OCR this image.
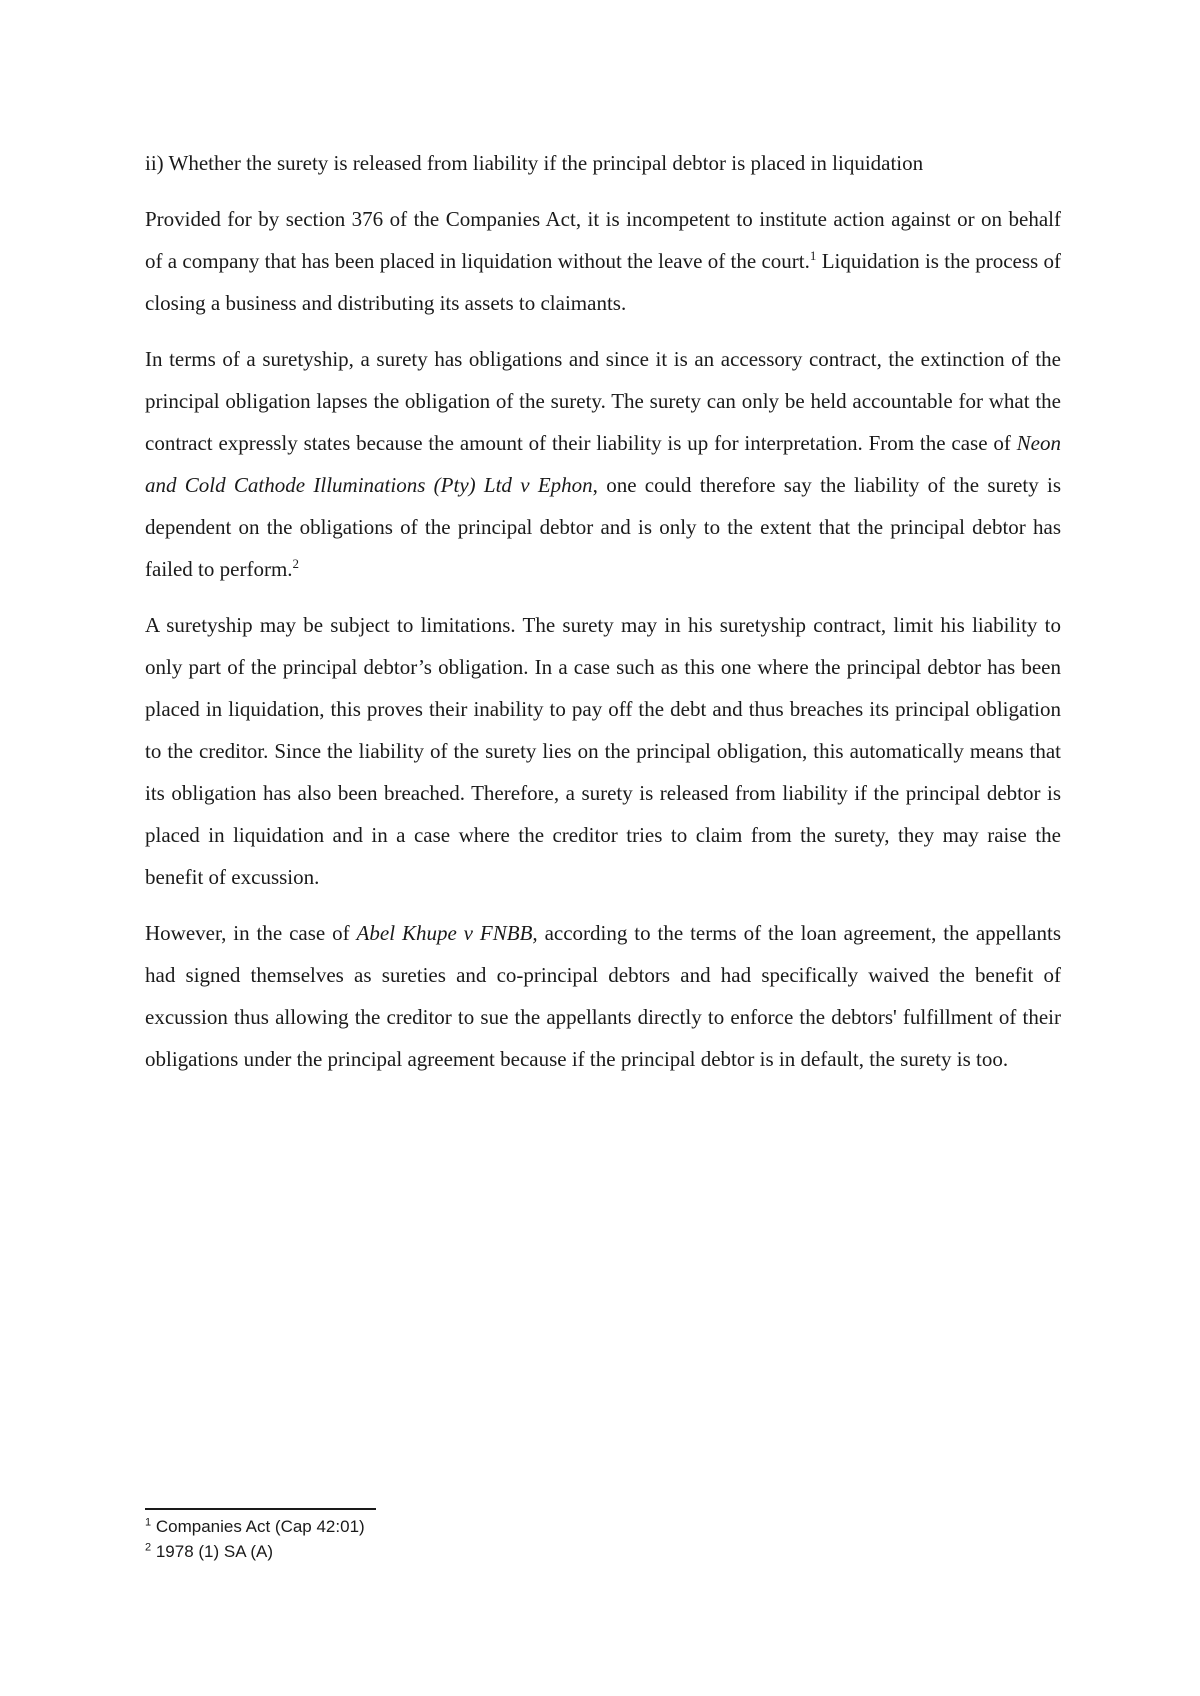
ii) Whether the surety is released from liability if the principal debtor is placed in liquidation

Provided for by section 376 of the Companies Act, it is incompetent to institute action against or on behalf of a company that has been placed in liquidation without the leave of the court.$^1$ Liquidation is the process of closing a business and distributing its assets to claimants.

In terms of a suretyship, a surety has obligations and since it is an accessory contract, the extinction of the principal obligation lapses the obligation of the surety. The surety can only be held accountable for what the contract expressly states because the amount of their liability is up for interpretation. From the case of Neon and Cold Cathode Illuminations (Pty) Ltd v Ephon, one could therefore say the liability of the surety is dependent on the obligations of the principal debtor and is only to the extent that the principal debtor has failed to perform.$^2$

A suretyship may be subject to limitations. The surety may in his suretyship contract, limit his liability to only part of the principal debtor’s obligation. In a case such as this one where the principal debtor has been placed in liquidation, this proves their inability to pay off the debt and thus breaches its principal obligation to the creditor. Since the liability of the surety lies on the principal obligation, this automatically means that its obligation has also been breached. Therefore, a surety is released from liability if the principal debtor is placed in liquidation and in a case where the creditor tries to claim from the surety, they may raise the benefit of excussion.

However, in the case of Abel Khupe v FNBB, according to the terms of the loan agreement, the appellants had signed themselves as sureties and co-principal debtors and had specifically waived the benefit of excussion thus allowing the creditor to sue the appellants directly to enforce the debtors' fulfillment of their obligations under the principal agreement because if the principal debtor is in default, the surety is too.

$^1$ Companies Act (Cap 42:01)
$^2$ 1978 (1) SA (A)
